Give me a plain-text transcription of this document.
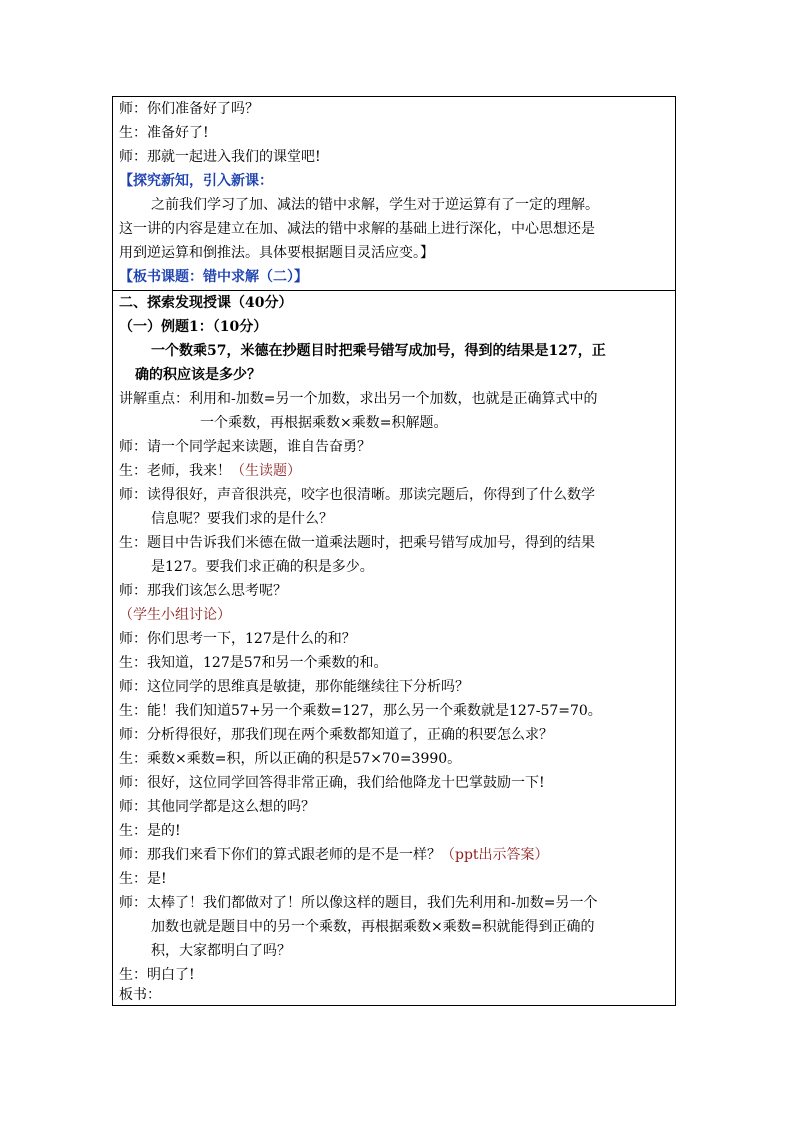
师：你们准备好了吗？
生：准备好了!
师：那就一起进入我们的课堂吧!
【探究新知，引入新课：
之前我们学习了加、减法的错中求解，学生对于逆运算有了一定的理解。
这一讲的内容是建立在加、减法的错中求解的基础上进行深化，中心思想还是
用到逆运算和倒推法。具体要根据题目灵活应变。】
【板书课题：错中求解（二）】
二、探索发现授课（40分）
（一）例题1：（10分）
一个数乘57，米德在抄题目时把乘号错写成加号，得到的结果是127，正
确的积应该是多少？
讲解重点：利用和-加数=另一个加数，求出另一个加数，也就是正确算式中的
一个乘数，再根据乘数×乘数=积解题。
师：请一个同学起来读题，谁自告奋勇？
生：老师，我来！（生读题）
师：读得很好，声音很洪亮，咬字也很清晰。那读完题后，你得到了什么数学
信息呢？要我们求的是什么？
生：题目中告诉我们米德在做一道乘法题时，把乘号错写成加号，得到的结果
是127。要我们求正确的积是多少。
师：那我们该怎么思考呢？
（学生小组讨论）
师：你们思考一下，127是什么的和？
生：我知道，127是57和另一个乘数的和。
师：这位同学的思维真是敏捷，那你能继续往下分析吗？
生：能！我们知道57+另一个乘数=127，那么另一个乘数就是127-57=70。
师：分析得很好，那我们现在两个乘数都知道了，正确的积要怎么求？
生：乘数×乘数=积，所以正确的积是57×70=3990。
师：很好，这位同学回答得非常正确，我们给他降龙十巴掌鼓励一下!
师：其他同学都是这么想的吗？
生：是的!
师：那我们来看下你们的算式跟老师的是不是一样？（ppt出示答案）
生：是!
师：太棒了！我们都做对了！所以像这样的题目，我们先利用和-加数=另一个
加数也就是题目中的另一个乘数，再根据乘数×乘数=积就能得到正确的
积，大家都明白了吗？
生：明白了!
板书：
